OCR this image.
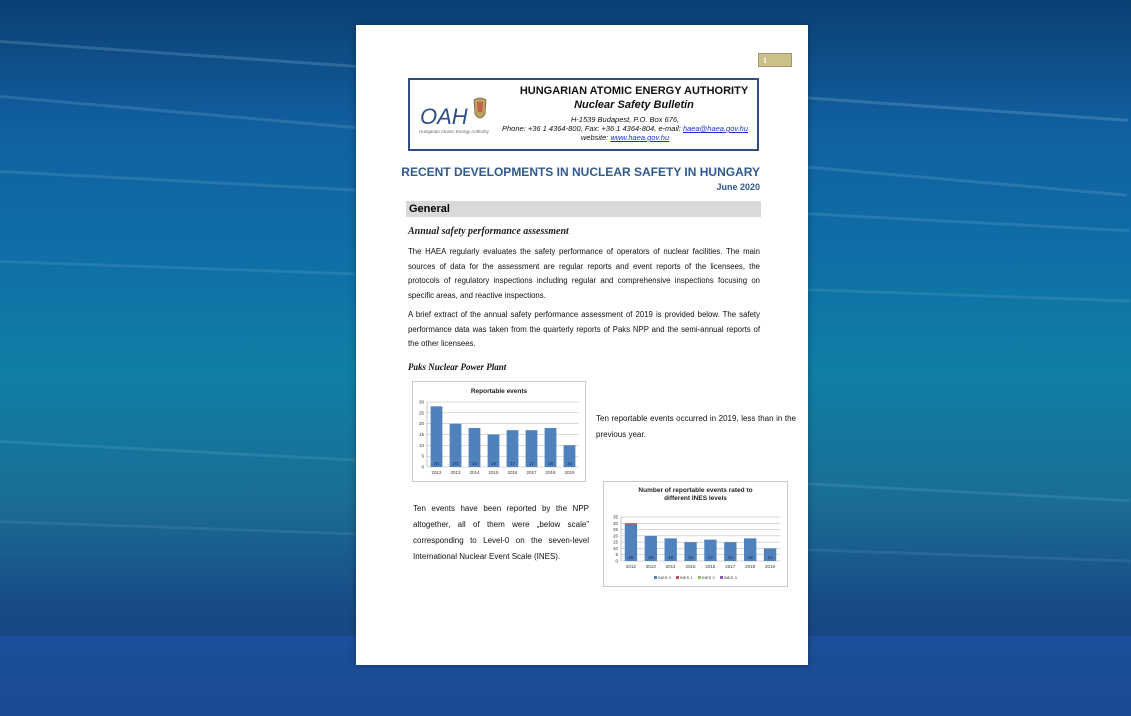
1
OAH
Hungarian Atomic Energy Authority
HUNGARIAN ATOMIC ENERGY AUTHORITY
Nuclear Safety Bulletin
H-1539 Budapest, P.O. Box 676,
Phone: +36 1 4364-800, Fax: +36 1 4364-804, e-mail: haea@haea.gov.hu
website: www.haea.gov.hu
RECENT DEVELOPMENTS IN NUCLEAR SAFETY IN HUNGARY
June 2020
General
Annual safety performance assessment
The HAEA regularly evaluates the safety performance of operators of nuclear facilities. The main sources of data for the assessment are regular reports and event reports of the licensees, the protocols of regulatory inspections including regular and comprehensive inspections focusing on specific areas, and reactive inspections.
A brief extract of the annual safety performance assessment of 2019 is provided below. The safety performance data was taken from the quarterly reports of Paks NPP and the semi-annual reports of the other licensees.
Paks Nuclear Power Plant
Reportable events
0
5
10
15
20
25
30
28
2012
20
2013
18
2014
15
2015
17
2016
17
2017
18
2018
10
2019
Ten reportable events occurred in 2019, less than in the previous year.
Ten events have been reported by the NPP altogether, all of them were „below scale” corresponding to Level-0 on the seven-level International Nuclear Event Scale (INES).
Number of reportable events rated to
different INES levels
0
5
10
15
20
25
30
35
29
2012
20
2013
18
2014
15
2015
17
2016
15
2017
18
2018
10
2019
INES 0 INES 1 INES 2 INES 3
